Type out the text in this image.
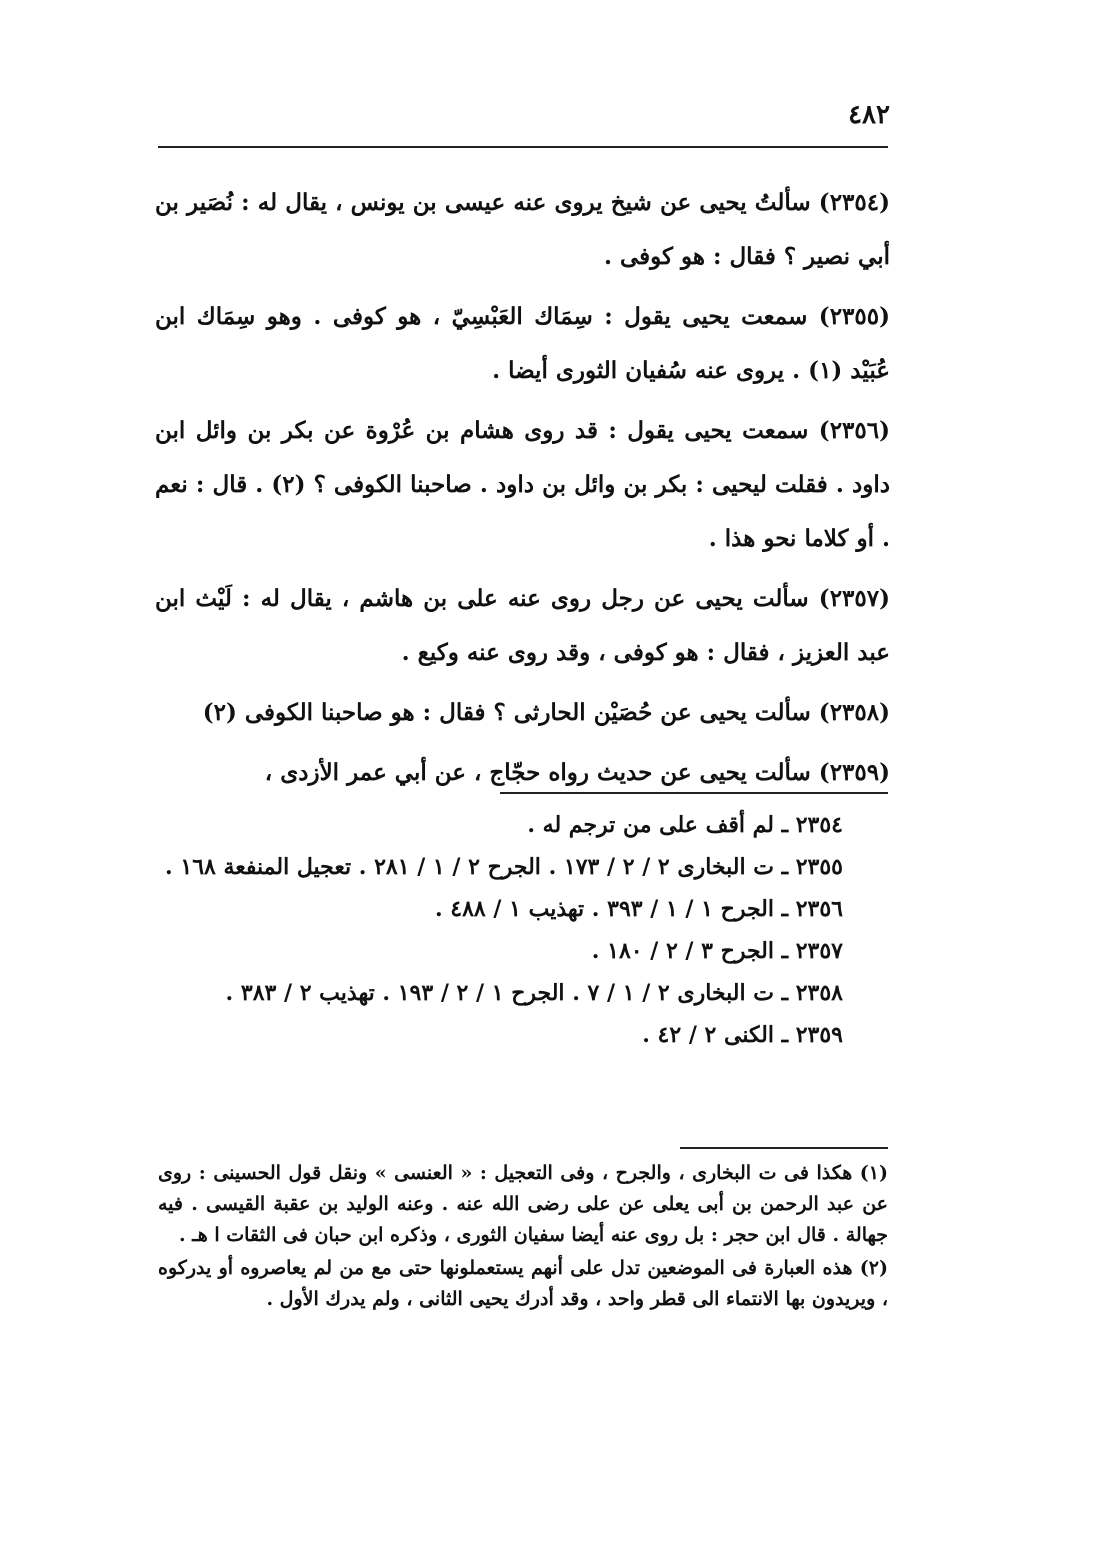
٤٨٢

(٢٣٥٤) سألتُ يحيى عن شيخ يروى عنه عيسى بن يونس ، يقال له : نُصَير بن أبي نصير ؟ فقال : هو كوفى .

(٢٣٥٥) سمعت يحيى يقول : سِمَاك العَبْسِيّ ، هو كوفى . وهو سِمَاك ابن عُبَيْد (١) . يروى عنه سُفيان الثورى أيضا .

(٢٣٥٦) سمعت يحيى يقول : قد روى هشام بن عُرْوة عن بكر بن وائل ابن داود . فقلت ليحيى : بكر بن وائل بن داود . صاحبنا الكوفى ؟ (٢) . قال : نعم . أو كلاما نحو هذا .

(٢٣٥٧) سألت يحيى عن رجل روى عنه على بن هاشم ، يقال له : لَيْث ابن عبد العزيز ، فقال : هو كوفى ، وقد روى عنه وكيع .

(٢٣٥٨) سألت يحيى عن حُصَيْن الحارثى ؟ فقال : هو صاحبنا الكوفى (٢)

(٢٣٥٩) سألت يحيى عن حديث رواه حجّاج ، عن أبي عمر الأزدى ،

٢٣٥٤ ـ لم أقف على من ترجم له .

٢٣٥٥ ـ ت البخارى ٢ / ٢ / ١٧٣ . الجرح ٢ / ١ / ٢٨١ . تعجيل المنفعة ١٦٨ .

٢٣٥٦ ـ الجرح ١ / ١ / ٣٩٣ . تهذيب ١ / ٤٨٨ .

٢٣٥٧ ـ الجرح ٣ / ٢ / ١٨٠ .

٢٣٥٨ ـ ت البخارى ٢ / ١ / ٧ . الجرح ١ / ٢ / ١٩٣ . تهذيب ٢ / ٣٨٣ .

٢٣٥٩ ـ الكنى ٢ / ٤٢ .

(١) هكذا فى ت البخارى ، والجرح ، وفى التعجيل : « العنسى » ونقل قول الحسينى : روى عن عبد الرحمن بن أبى يعلى عن على رضى الله عنه . وعنه الوليد بن عقبة القيسى . فيه جهالة . قال ابن حجر : بل روى عنه أيضا سفيان الثورى ، وذكره ابن حبان فى الثقات ا هـ .

(٢) هذه العبارة فى الموضعين تدل على أنهم يستعملونها حتى مع من لم يعاصروه أو يدركوه ، ويريدون بها الانتماء الى قطر واحد ، وقد أدرك يحيى الثانى ، ولم يدرك الأول .
